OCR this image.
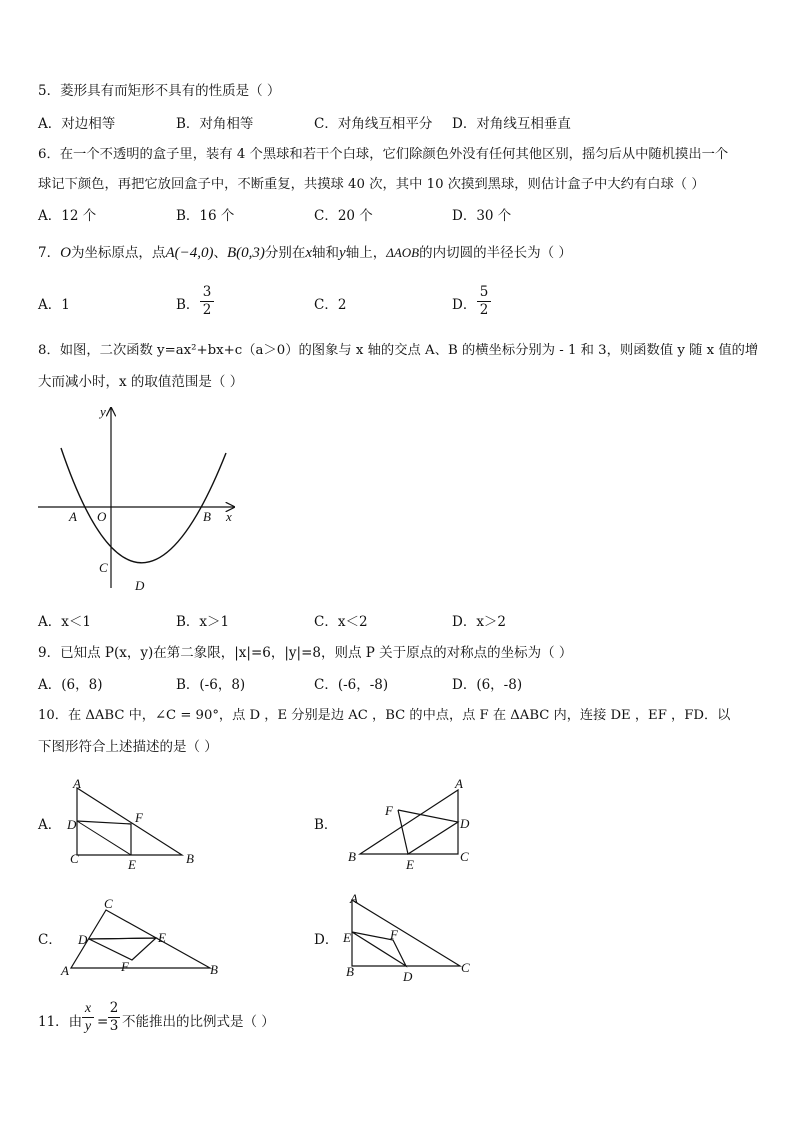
5．菱形具有而矩形不具有的性质是（ ）
A．对边相等	B．对角相等	C．对角线互相平分 D．对角线互相垂直
6．在一个不透明的盒子里，装有 4 个黑球和若干个白球，它们除颜色外没有任何其他区别，摇匀后从中随机摸出一个
球记下颜色，再把它放回盒子中，不断重复，共摸球 40 次，其中 10 次摸到黑球，则估计盒子中大约有白球（ ）
A．12 个	B．16 个	C．20 个	D．30 个
7．O为坐标原点，点A(−4,0)、B(0,3)分别在x轴和y轴上，ΔAOB的内切圆的半径长为（ ）
A．1	B．
3
2	C．2	D．
5
2
8．如图，二次函数 y=ax²+bx+c（a＞0）的图象与 x 轴的交点 A、B 的横坐标分别为 - 1 和 3，则函数值 y 随 x 值的增
大而减小时，x 的取值范围是（ ）
y
x
O
A	B
C
D
A．x＜1	B．x＞1	C．x＜2	D．x＞2
9．已知点 P(x，y)在第二象限，|x|=6，|y|=8，则点 P 关于原点的对称点的坐标为（ ）
A．(6，8)	B．(-6，8)	C．(-6，-8)	D．(6，-8)
10．在 ΔABC 中，∠C = 90°，点 D ，E 分别是边 AC ，BC 的中点，点 F 在 ΔABC 内，连接 DE ，EF ，FD．以
下图形符合上述描述的是（ ）
A．
A
D	F
C	E	B
B．
F
A
D
B
E
C
C．
C
D	E
A	F	B
D．
A
E	F
B	D
C
11．由
x
y =
2
3 不能推出的比例式是（ ）
